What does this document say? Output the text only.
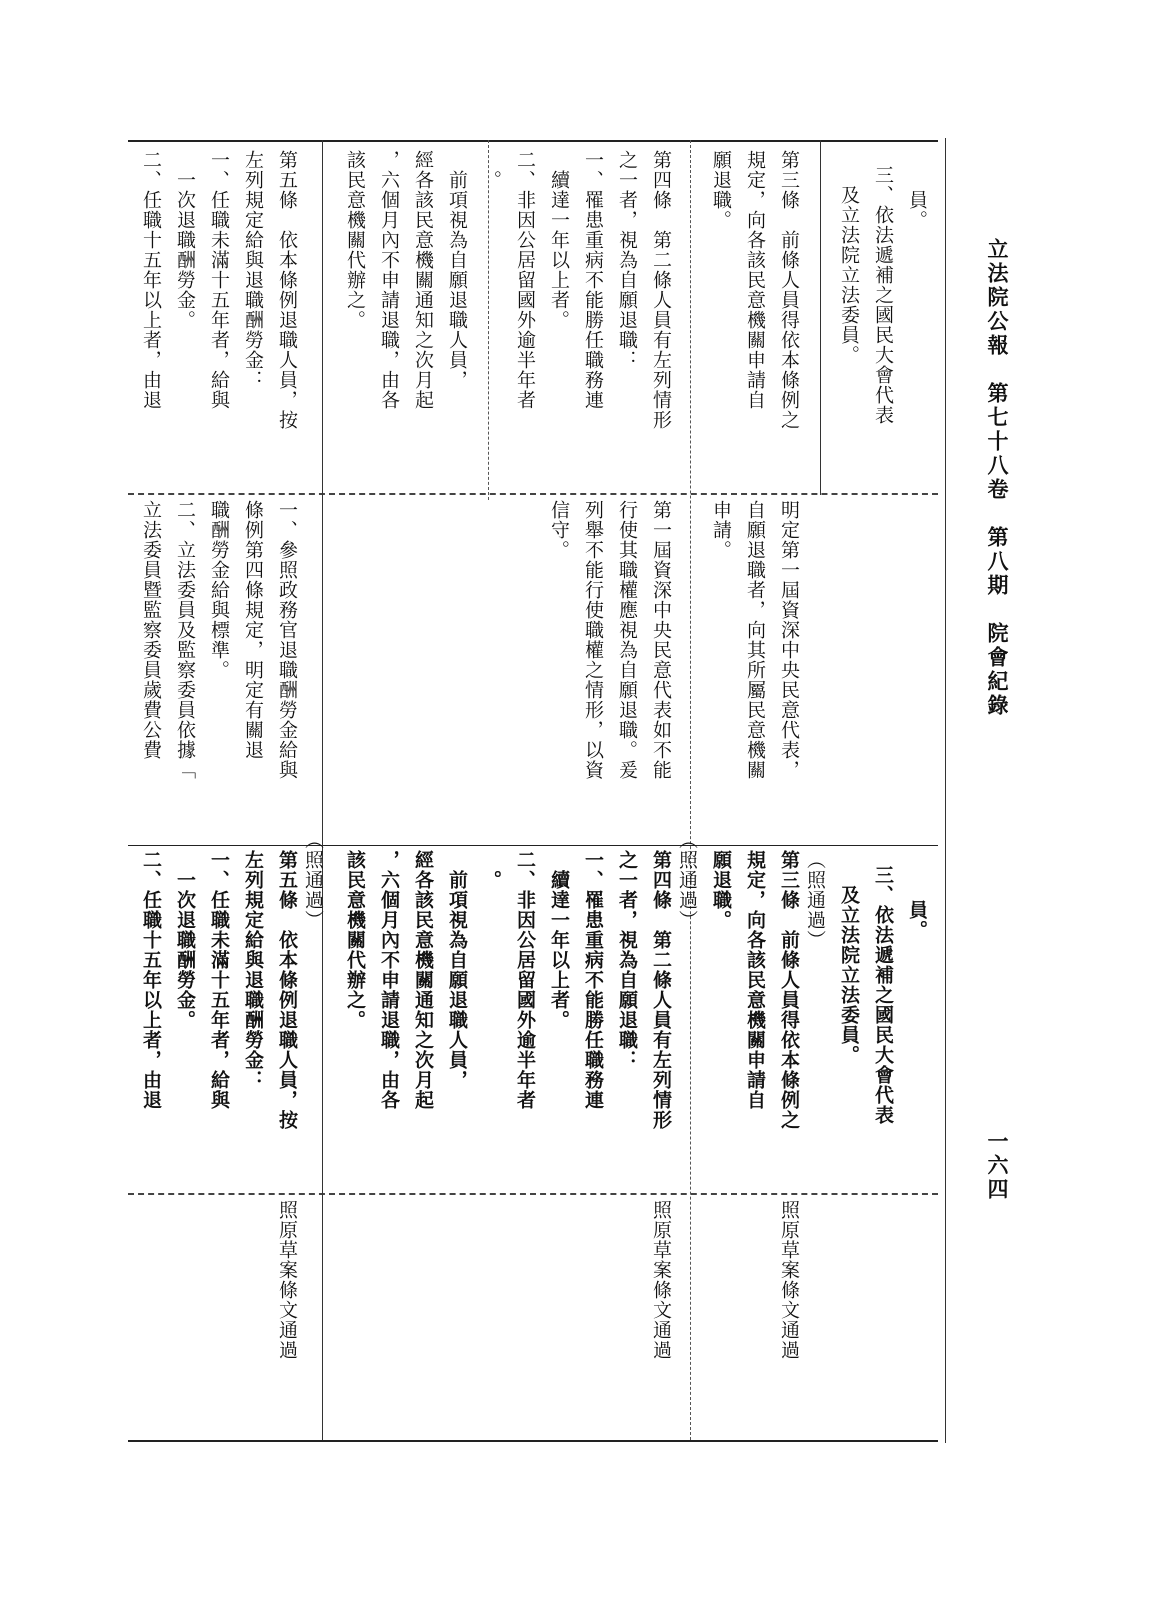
立法院公報　第七十八卷　第八期　院會紀錄
一六四
員。
三、依法遞補之國民大會代表
　及立法院立法委員。
第三條　前條人員得依本條例之
規定，向各該民意機關申請自
願退職。
第四條　第二條人員有左列情形
之一者，視為自願退職：
一、罹患重病不能勝任職務連
　續達一年以上者。
二、非因公居留國外逾半年者
　。
　前項視為自願退職人員，
經各該民意機關通知之次月起
，六個月內不申請退職，由各
該民意機關代辦之。
第五條　依本條例退職人員，按
左列規定給與退職酬勞金：
一、任職未滿十五年者，給與
　一次退職酬勞金。
二、任職十五年以上者，由退
明定第一屆資深中央民意代表，
自願退職者，向其所屬民意機關
申請。
第一屆資深中央民意代表如不能
行使其職權應視為自願退職。爰
列舉不能行使職權之情形，以資
信守。
一、參照政務官退職酬勞金給與
條例第四條規定，明定有關退
職酬勞金給與標準。
二、立法委員及監察委員依據「
立法委員暨監察委員歲費公費
員。
三、依法遞補之國民大會代表
　及立法院立法委員。
（照通過）
第三條　前條人員得依本條例之
規定，向各該民意機關申請自
願退職。
（照通過）
第四條　第二條人員有左列情形
之一者，視為自願退職：
一、罹患重病不能勝任職務連
　續達一年以上者。
二、非因公居留國外逾半年者
　。
　前項視為自願退職人員，
經各該民意機關通知之次月起
，六個月內不申請退職，由各
該民意機關代辦之。
（照通過）
第五條　依本條例退職人員，按
左列規定給與退職酬勞金：
一、任職未滿十五年者，給與
　一次退職酬勞金。
二、任職十五年以上者，由退
照原草案條文通過
照原草案條文通過
照原草案條文通過
